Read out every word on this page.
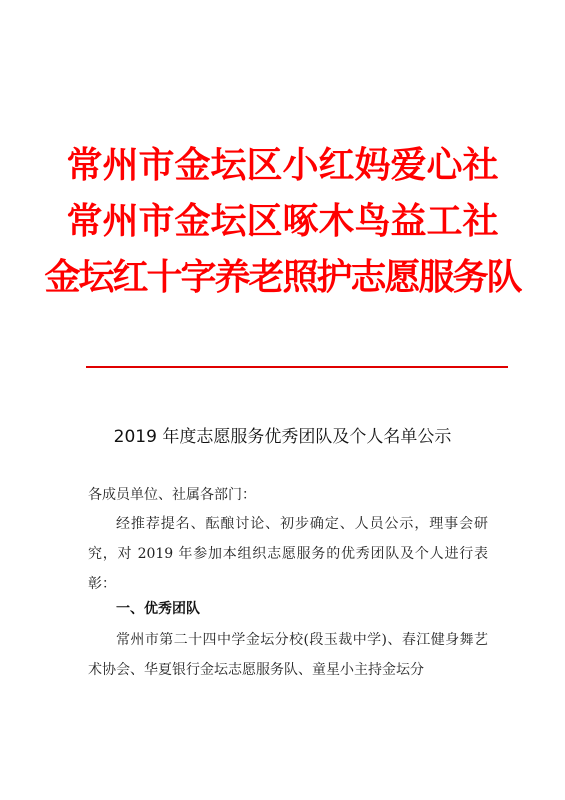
常州市金坛区小红妈爱心社
常州市金坛区啄木鸟益工社
金坛红十字养老照护志愿服务队
2019 年度志愿服务优秀团队及个人名单公示
各成员单位、社属各部门：
经推荐提名、酝酿讨论、初步确定、人员公示，理事会研究，对 2019 年参加本组织志愿服务的优秀团队及个人进行表彰：
一、优秀团队
常州市第二十四中学金坛分校(段玉裁中学)、春江健身舞艺术协会、华夏银行金坛志愿服务队、童星小主持金坛分
